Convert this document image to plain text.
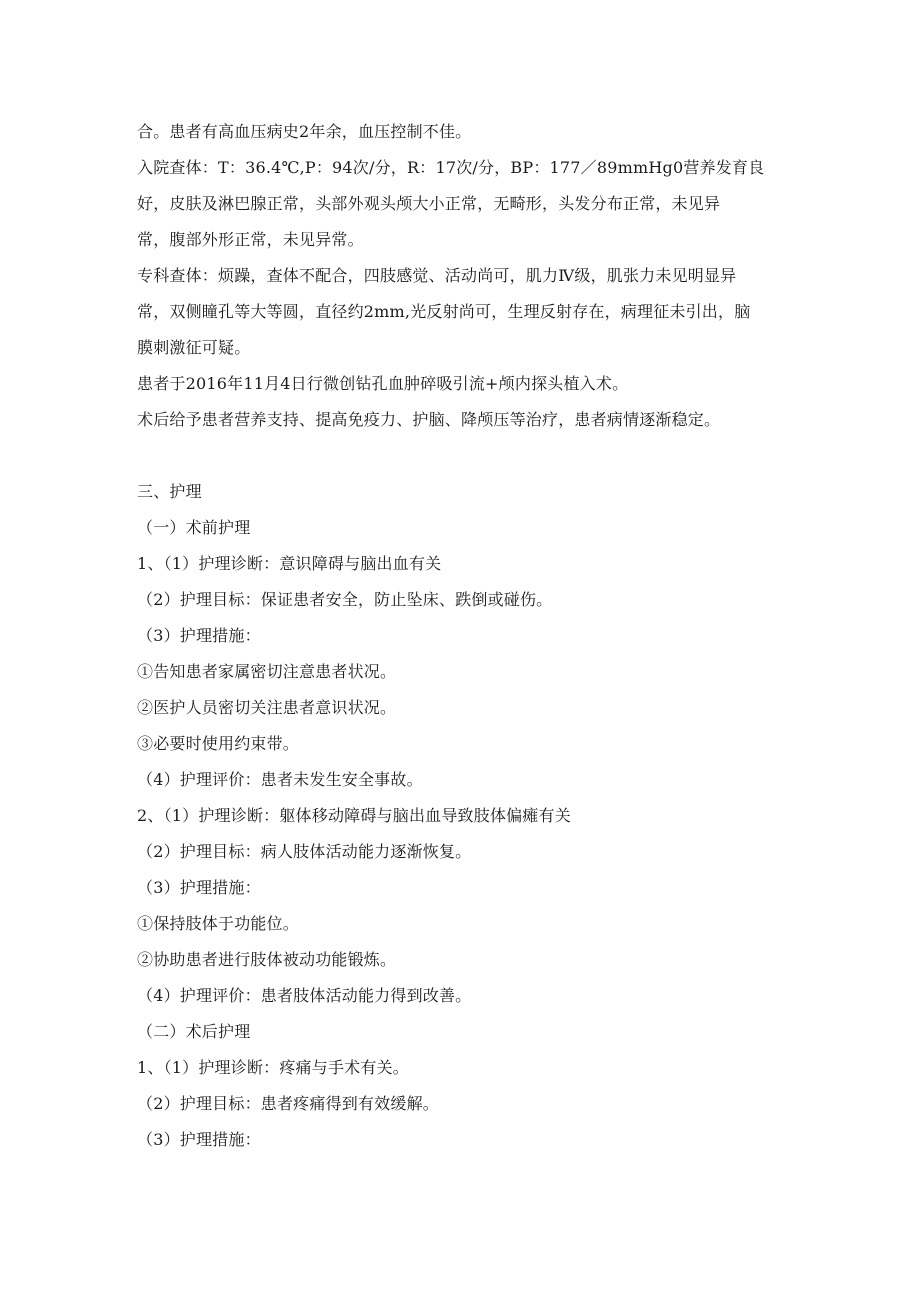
合。患者有高血压病史2年余，血压控制不佳。
入院查体：T：36.4℃,P：94次/分，R：17次/分，BP：177／89mmHg0营养发育良
好，皮肤及淋巴腺正常，头部外观头颅大小正常，无畸形，头发分布正常，未见异
常，腹部外形正常，未见异常。
专科查体：烦躁，查体不配合，四肢感觉、活动尚可，肌力Ⅳ级，肌张力未见明显异
常，双侧瞳孔等大等圆，直径约2mm,光反射尚可，生理反射存在，病理征未引出，脑
膜刺激征可疑。
患者于2016年11月4日行微创钻孔血肿碎吸引流+颅内探头植入术。
术后给予患者营养支持、提高免疫力、护脑、降颅压等治疗，患者病情逐渐稳定。
三、护理
（一）术前护理
1、（1）护理诊断：意识障碍与脑出血有关
（2）护理目标：保证患者安全，防止坠床、跌倒或碰伤。
（3）护理措施：
①告知患者家属密切注意患者状况。
②医护人员密切关注患者意识状况。
③必要时使用约束带。
（4）护理评价：患者未发生安全事故。
2、（1）护理诊断：躯体移动障碍与脑出血导致肢体偏瘫有关
（2）护理目标：病人肢体活动能力逐渐恢复。
（3）护理措施：
①保持肢体于功能位。
②协助患者进行肢体被动功能锻炼。
（4）护理评价：患者肢体活动能力得到改善。
（二）术后护理
1、（1）护理诊断：疼痛与手术有关。
（2）护理目标：患者疼痛得到有效缓解。
（3）护理措施：
